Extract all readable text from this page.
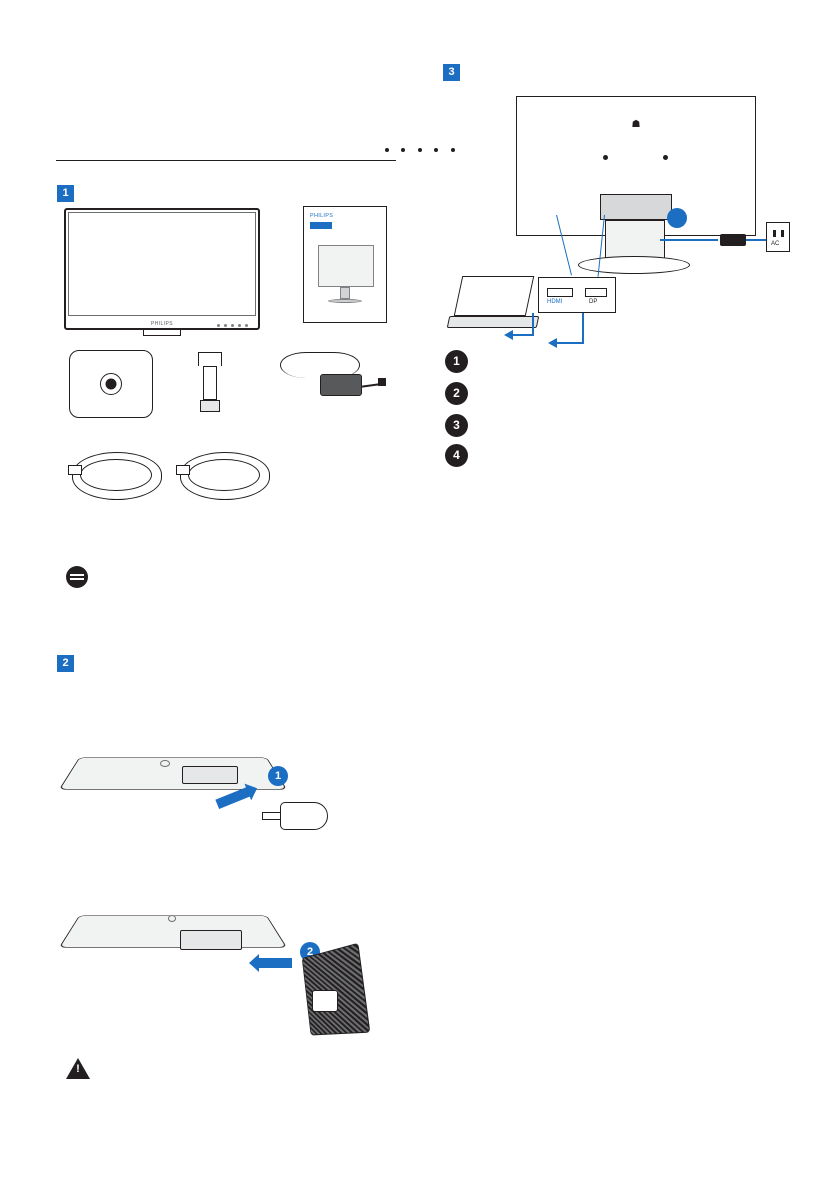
1
PHILIPS
PHILIPS
2
1
2
!
3
☗
AC
HDMI	DP
1
2
3
4
